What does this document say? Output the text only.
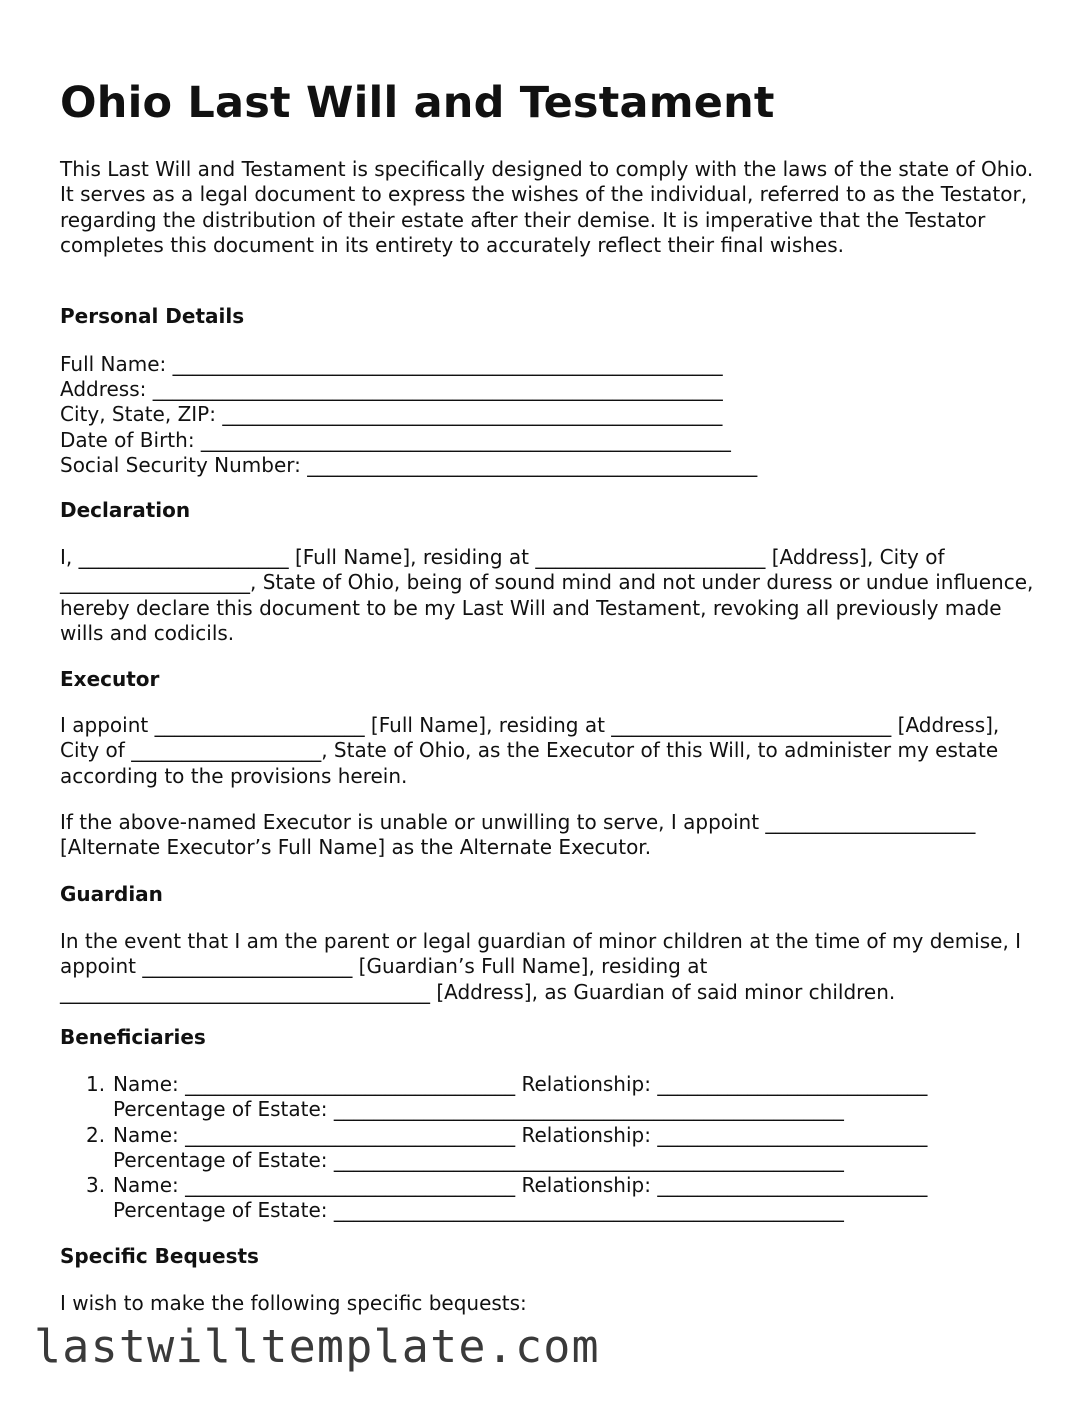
Ohio Last Will and Testament

This Last Will and Testament is specifically designed to comply with the laws of the state of Ohio. It serves as a legal document to express the wishes of the individual, referred to as the Testator, regarding the distribution of their estate after their demise. It is imperative that the Testator completes this document in its entirety to accurately reflect their final wishes.

Personal Details

Full Name: _______________________________________________________

Address: _________________________________________________________

City, State, ZIP: __________________________________________________

Date of Birth: _____________________________________________________

Social Security Number: _____________________________________________

Declaration

I, _____________________ [Full Name], residing at _______________________ [Address], City of ___________________, State of Ohio, being of sound mind and not under duress or undue influence, hereby declare this document to be my Last Will and Testament, revoking all previously made wills and codicils.

Executor

I appoint _____________________ [Full Name], residing at ____________________________ [Address], City of ___________________, State of Ohio, as the Executor of this Will, to administer my estate according to the provisions herein.

If the above-named Executor is unable or unwilling to serve, I appoint _____________________ [Alternate Executor’s Full Name] as the Alternate Executor.

Guardian

In the event that I am the parent or legal guardian of minor children at the time of my demise, I appoint _____________________ [Guardian’s Full Name], residing at _____________________________________ [Address], as Guardian of said minor children.

Beneficiaries
1. Name: _________________________________ Relationship: ___________________________
Percentage of Estate: ___________________________________________________
2. Name: _________________________________ Relationship: ___________________________
Percentage of Estate: ___________________________________________________
3. Name: _________________________________ Relationship: ___________________________
Percentage of Estate: ___________________________________________________
Specific Bequests

I wish to make the following specific bequests:

lastwilltemplate.com
